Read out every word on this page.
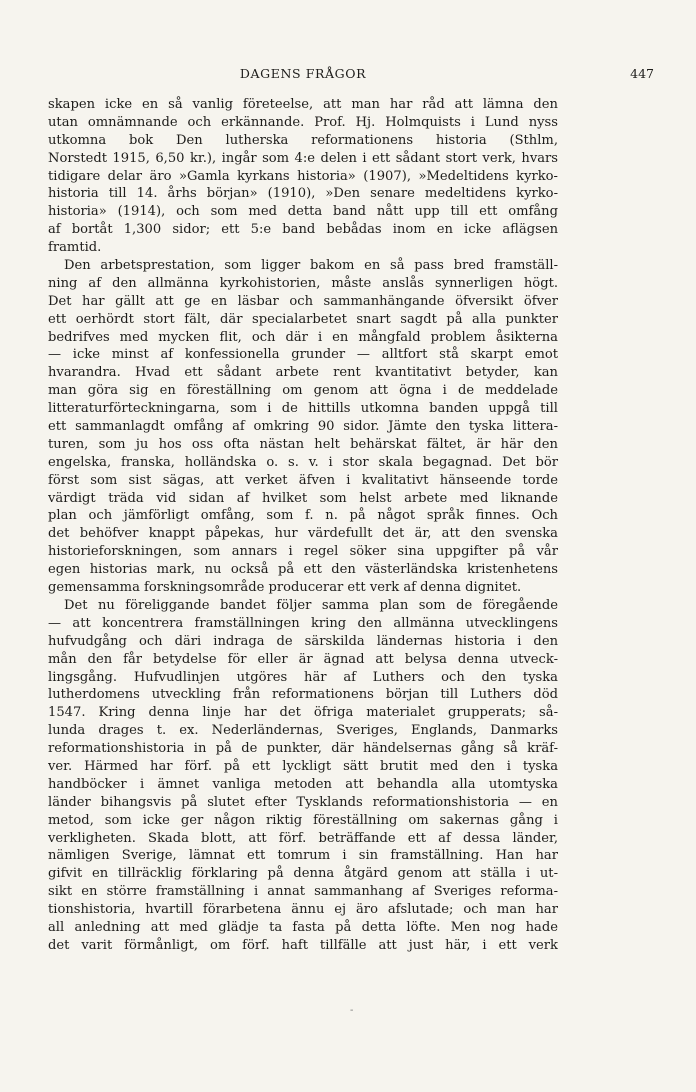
DAGENS FRÅGOR	447
skapen icke en så vanlig företeelse, att man har råd att lämna den
utan omnämnande och erkännande. Prof. Hj. Holmquists i Lund nyss
utkomna bok Den lutherska reformationens historia (Sthlm,
Norstedt 1915, 6,50 kr.), ingår som 4:e delen i ett sådant stort verk, hvars
tidigare delar äro »Gamla kyrkans historia» (1907), »Medeltidens kyrko-
historia till 14. århs början» (1910), »Den senare medeltidens kyrko-
historia» (1914), och som med detta band nått upp till ett omfång
af bortåt 1,300 sidor; ett 5:e band bebådas inom en icke aflägsen
framtid.
Den arbetsprestation, som ligger bakom en så pass bred framställ-
ning af den allmänna kyrkohistorien, måste anslås synnerligen högt.
Det har gällt att ge en läsbar och sammanhängande öfversikt öfver
ett oerhördt stort fält, där specialarbetet snart sagdt på alla punkter
bedrifves med mycken flit, och där i en mångfald problem åsikterna
— icke minst af konfessionella grunder — alltfort stå skarpt emot
hvarandra. Hvad ett sådant arbete rent kvantitativt betyder, kan
man göra sig en föreställning om genom att ögna i de meddelade
litteraturförteckningarna, som i de hittills utkomna banden uppgå till
ett sammanlagdt omfång af omkring 90 sidor. Jämte den tyska littera-
turen, som ju hos oss ofta nästan helt behärskat fältet, är här den
engelska, franska, holländska o. s. v. i stor skala begagnad. Det bör
först som sist sägas, att verket äfven i kvalitativt hänseende torde
värdigt träda vid sidan af hvilket som helst arbete med liknande
plan och jämförligt omfång, som f. n. på något språk finnes. Och
det behöfver knappt påpekas, hur värdefullt det är, att den svenska
historieforskningen, som annars i regel söker sina uppgifter på vår
egen historias mark, nu också på ett den västerländska kristenhetens
gemensamma forskningsområde producerar ett verk af denna dignitet.
Det nu föreliggande bandet följer samma plan som de föregående
— att koncentrera framställningen kring den allmänna utvecklingens
hufvudgång och däri indraga de särskilda ländernas historia i den
mån den får betydelse för eller är ägnad att belysa denna utveck-
lingsgång. Hufvudlinjen utgöres här af Luthers och den tyska
lutherdomens utveckling från reformationens början till Luthers död
1547. Kring denna linje har det öfriga materialet grupperats; så-
lunda drages t. ex. Nederländernas, Sveriges, Englands, Danmarks
reformationshistoria in på de punkter, där händelsernas gång så kräf-
ver. Härmed har förf. på ett lyckligt sätt brutit med den i tyska
handböcker i ämnet vanliga metoden att behandla alla utomtyska
länder bihangsvis på slutet efter Tysklands reformationshistoria — en
metod, som icke ger någon riktig föreställning om sakernas gång i
verkligheten. Skada blott, att förf. beträffande ett af dessa länder,
nämligen Sverige, lämnat ett tomrum i sin framställning. Han har
gifvit en tillräcklig förklaring på denna åtgärd genom att ställa i ut-
sikt en större framställning i annat sammanhang af Sveriges reforma-
tionshistoria, hvartill förarbetena ännu ej äro afslutade; och man har
all anledning att med glädje ta fasta på detta löfte. Men nog hade
det varit förmånligt, om förf. haft tillfälle att just här, i ett verk
-
